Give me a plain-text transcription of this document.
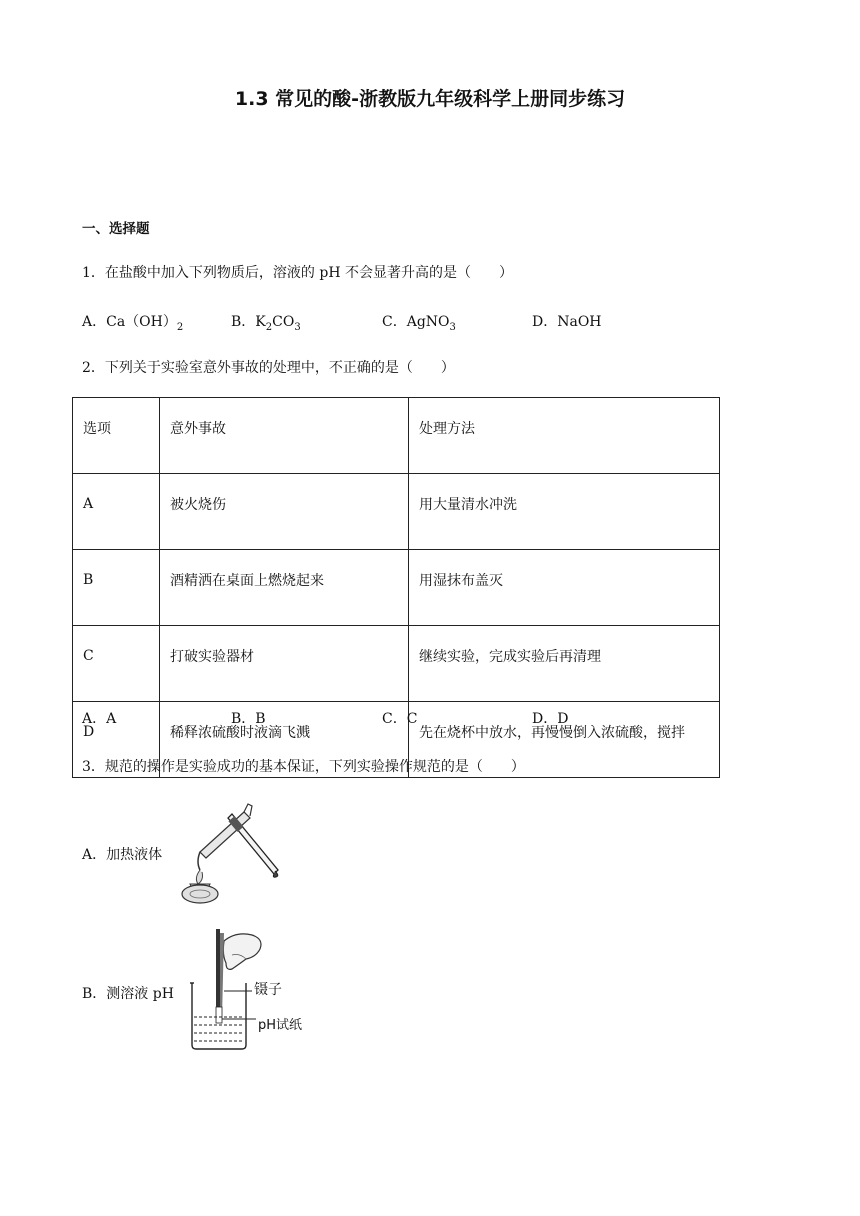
1.3 常见的酸-浙教版九年级科学上册同步练习
一、选择题
1．在盐酸中加入下列物质后，溶液的 pH 不会显著升高的是（　　）
A．$Ca(OH)_2$	B．$K_2CO_3$	C．AgNO$_3$	D．NaOH
2．下列关于实验室意外事故的处理中，不正确的是（　　）
选项	意外事故	处理方法
A	被火烧伤	用大量清水冲洗
B	酒精洒在桌面上燃烧起来	用湿抹布盖灭
C	打破实验器材	继续实验，完成实验后再清理
D	稀释浓硫酸时液滴飞溅	先在烧杯中放水，再慢慢倒入浓硫酸，搅拌
A．A	B．B	C．C	D．D
3．规范的操作是实验成功的基本保证，下列实验操作规范的是（　　）
A．加热液体
B．测溶液 pH	镊子
pH试纸
